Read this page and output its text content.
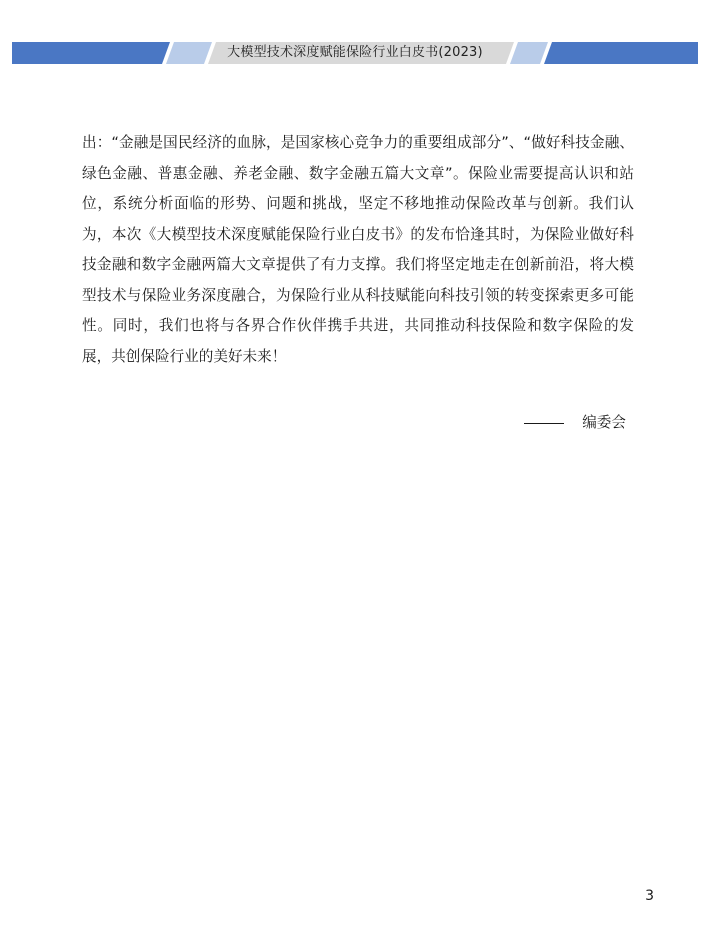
大模型技术深度赋能保险行业白皮书(2023)

出：“金融是国民经济的血脉，是国家核心竞争力的重要组成部分”、“做好科技金融、绿色金融、普惠金融、养老金融、数字金融五篇大文章”。保险业需要提高认识和站位，系统分析面临的形势、问题和挑战，坚定不移地推动保险改革与创新。我们认为，本次《大模型技术深度赋能保险行业白皮书》的发布恰逢其时，为保险业做好科技金融和数字金融两篇大文章提供了有力支撑。我们将坚定地走在创新前沿，将大模型技术与保险业务深度融合，为保险行业从科技赋能向科技引领的转变探索更多可能性。同时，我们也将与各界合作伙伴携手共进，共同推动科技保险和数字保险的发展，共创保险行业的美好未来！

编委会
3
